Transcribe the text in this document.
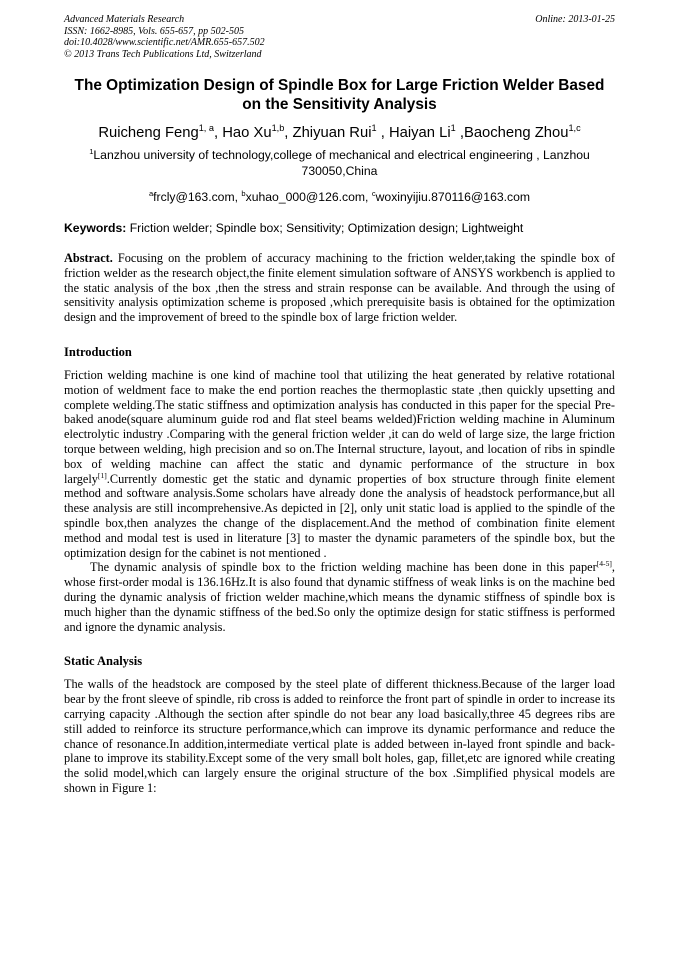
Advanced Materials Research
ISSN: 1662-8985, Vols. 655-657, pp 502-505
doi:10.4028/www.scientific.net/AMR.655-657.502
© 2013 Trans Tech Publications Ltd, Switzerland
Online: 2013-01-25
The Optimization Design of Spindle Box for Large Friction Welder Based on the Sensitivity Analysis
Ruicheng Feng$^{1, a}$, Hao Xu$^{1,b}$, Zhiyuan Rui$^1$ , Haiyan Li$^1$ ,Baocheng Zhou$^{1,c}$
$^1$Lanzhou university of technology,college of mechanical and electrical engineering , Lanzhou 730050,China
$^a$frcly@163.com, $^b$xuhao_000@126.com, $^c$woxinyijiu.870116@163.com
Keywords: Friction welder; Spindle box; Sensitivity; Optimization design; Lightweight

Abstract. Focusing on the problem of accuracy machining to the friction welder,taking the spindle box of friction welder as the research object,the finite element simulation software of ANSYS workbench is applied to the static analysis of the box ,then the stress and strain response can be available. And through the using of sensitivity analysis optimization scheme is proposed ,which prerequisite basis is obtained for the optimization design and the improvement of breed to the spindle box of large friction welder.

Introduction

Friction welding machine is one kind of machine tool that utilizing the heat generated by relative rotational motion of weldment face to make the end portion reaches the thermoplastic state ,then quickly upsetting and complete welding.The static stiffness and optimization analysis has conducted in this paper for the special Pre-baked anode(square aluminum guide rod and flat steel beams welded)Friction welding machine in Aluminum electrolytic industry .Comparing with the general friction welder ,it can do weld of large size, the large friction torque between welding, high precision and so on.The Internal structure, layout, and location of ribs in spindle box of welding machine can affect the static and dynamic performance of the structure in box largely[1].Currently domestic get the static and dynamic properties of box structure through finite element method and software analysis.Some scholars have already done the analysis of headstock performance,but all these analysis are still incomprehensive.As depicted in [2], only unit static load is applied to the spindle of the spindle box,then analyzes the change of the displacement.And the method of combination finite element method and modal test is used in literature [3] to master the dynamic parameters of the spindle box, but the optimization design for the cabinet is not mentioned .

The dynamic analysis of spindle box to the friction welding machine has been done in this paper[4-5], whose first-order modal is 136.16Hz.It is also found that dynamic stiffness of weak links is on the machine bed during the dynamic analysis of friction welder machine,which means the dynamic stiffness of spindle box is much higher than the dynamic stiffness of the bed.So only the optimize design for static stiffness is performed and ignore the dynamic analysis.

Static Analysis

The walls of the headstock are composed by the steel plate of different thickness.Because of the larger load bear by the front sleeve of spindle, rib cross is added to reinforce the front part of spindle in order to increase its carrying capacity .Although the section after spindle do not bear any load basically,three 45 degrees ribs are still added to reinforce its structure performance,which can improve its dynamic performance and reduce the chance of resonance.In addition,intermediate vertical plate is added between in-layed front spindle and back-plane to improve its stability.Except some of the very small bolt holes, gap, fillet,etc are ignored while creating the solid model,which can largely ensure the original structure of the box .Simplified physical models are shown in Figure 1:
